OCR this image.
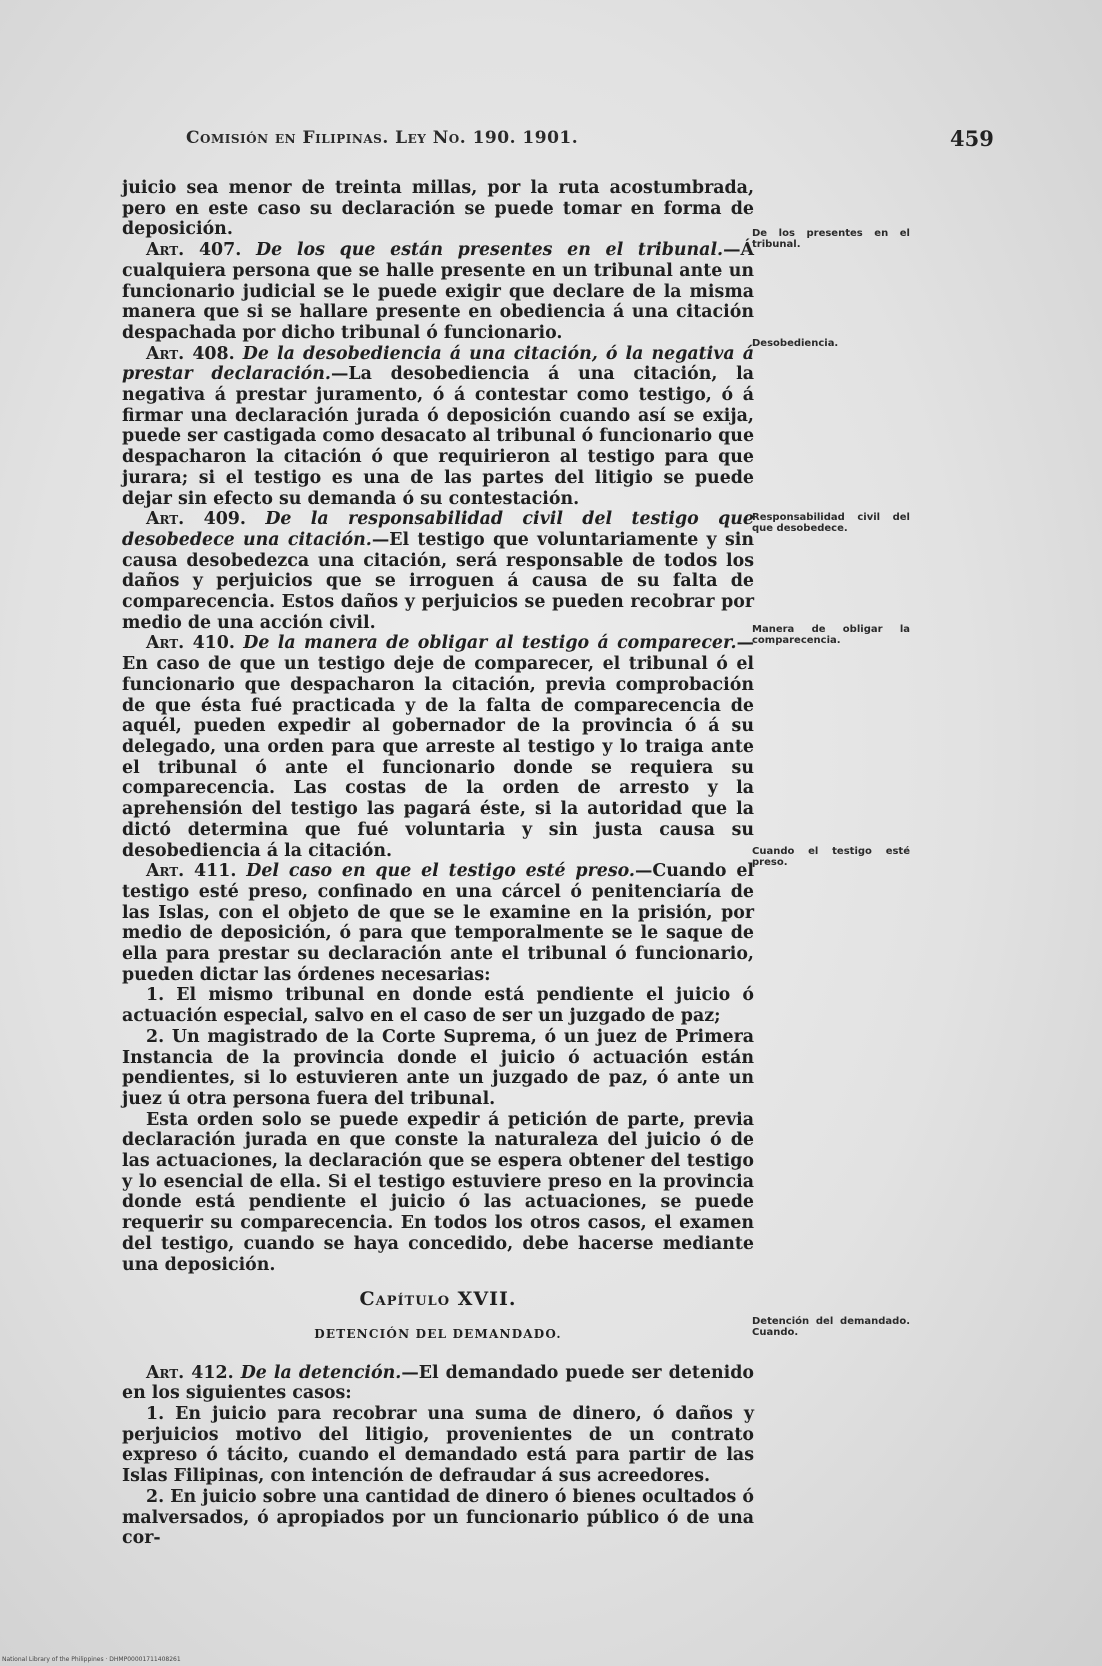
Comisión en Filipinas. Ley No. 190. 1901.	459

juicio sea menor de treinta millas, por la ruta acostumbrada, pero en este caso su declaración se puede tomar en forma de deposición.

Art. 407. De los que están presentes en el tribunal.—Á cualquiera persona que se halle presente en un tribunal ante un funcionario judicial se le puede exigir que declare de la misma manera que si se hallare presente en obediencia á una citación despachada por dicho tribunal ó funcionario.

Art. 408. De la desobediencia á una citación, ó la negativa á prestar declaración.—La desobediencia á una citación, la negativa á prestar juramento, ó á contestar como testigo, ó á firmar una declaración jurada ó deposición cuando así se exija, puede ser castigada como desacato al tribunal ó funcionario que despacharon la citación ó que requirieron al testigo para que jurara; si el testigo es una de las partes del litigio se puede dejar sin efecto su demanda ó su contestación.

Art. 409. De la responsabilidad civil del testigo que desobedece una citación.—El testigo que voluntariamente y sin causa desobedezca una citación, será responsable de todos los daños y perjuicios que se irroguen á causa de su falta de comparecencia. Estos daños y perjuicios se pueden recobrar por medio de una acción civil.

Art. 410. De la manera de obligar al testigo á comparecer.—En caso de que un testigo deje de comparecer, el tribunal ó el funcionario que despacharon la citación, previa comprobación de que ésta fué practicada y de la falta de comparecencia de aquél, pueden expedir al gobernador de la provincia ó á su delegado, una orden para que arreste al testigo y lo traiga ante el tribunal ó ante el funcionario donde se requiera su comparecencia. Las costas de la orden de arresto y la aprehensión del testigo las pagará éste, si la autoridad que la dictó determina que fué voluntaria y sin justa causa su desobediencia á la citación.

Art. 411. Del caso en que el testigo esté preso.—Cuando el testigo esté preso, confinado en una cárcel ó penitenciaría de las Islas, con el objeto de que se le examine en la prisión, por medio de deposición, ó para que temporalmente se le saque de ella para prestar su declaración ante el tribunal ó funcionario, pueden dictar las órdenes necesarias:

1. El mismo tribunal en donde está pendiente el juicio ó actuación especial, salvo en el caso de ser un juzgado de paz;

2. Un magistrado de la Corte Suprema, ó un juez de Primera Instancia de la provincia donde el juicio ó actuación están pendientes, si lo estuvieren ante un juzgado de paz, ó ante un juez ú otra persona fuera del tribunal.

Esta orden solo se puede expedir á petición de parte, previa declaración jurada en que conste la naturaleza del juicio ó de las actuaciones, la declaración que se espera obtener del testigo y lo esencial de ella. Si el testigo estuviere preso en la provincia donde está pendiente el juicio ó las actuaciones, se puede requerir su comparecencia. En todos los otros casos, el examen del testigo, cuando se haya concedido, debe hacerse mediante una deposición.

Capítulo XVII.
DETENCIÓN DEL DEMANDADO.

Art. 412. De la detención.—El demandado puede ser detenido en los siguientes casos:

1. En juicio para recobrar una suma de dinero, ó daños y perjuicios motivo del litigio, provenientes de un contrato expreso ó tácito, cuando el demandado está para partir de las Islas Filipinas, con intención de defraudar á sus acreedores.

2. En juicio sobre una cantidad de dinero ó bienes ocultados ó malversados, ó apropiados por un funcionario público ó de una cor-

De los presentes en el tribunal.
Desobediencia.
Responsabilidad civil del que desobedece.
Manera de obligar la comparecencia.
Cuando el testigo esté preso.
Detención del demandado. Cuando.
National Library of the Philippines · DHMP0000171140826​1
